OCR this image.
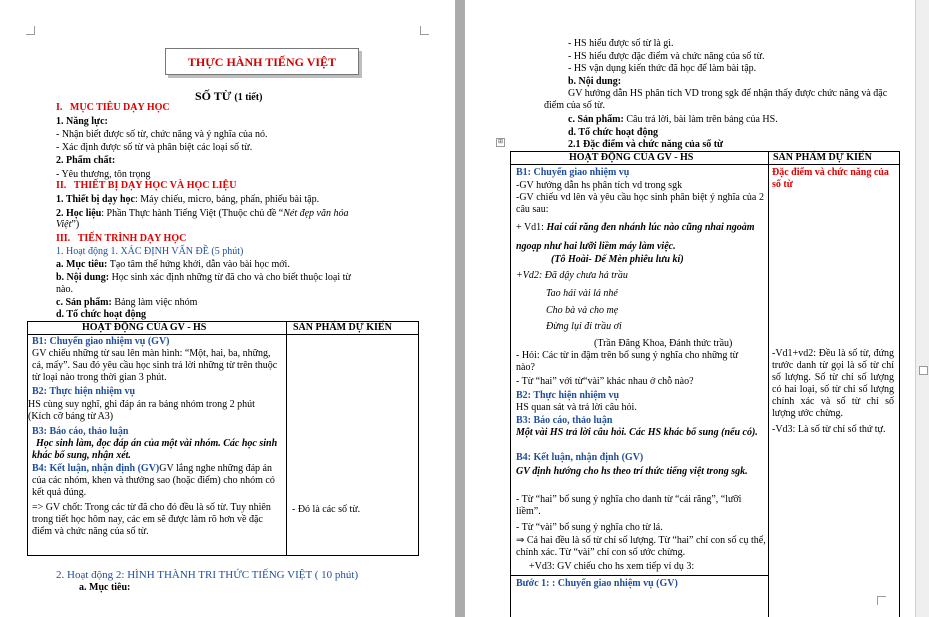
THỰC HÀNH TIẾNG VIỆT
SỐ TỪ (1 tiết)
I. MỤC TIÊU DẠY HỌC
1. Năng lực:
- Nhận biết được số từ, chức năng và ý nghĩa của nó.
- Xác định được số từ và phân biệt các loại số từ.
2. Phẩm chất:
- Yêu thương, tôn trọng
II. THIẾT BỊ DẠY HỌC VÀ HỌC LIỆU
1. Thiết bị dạy học: Máy chiếu, micro, bảng, phấn, phiếu bài tập.
2. Học liệu: Phần Thực hành Tiếng Việt (Thuộc chủ đề “Nét đẹp văn hóa
Việt”)
III. TIẾN TRÌNH DẠY HỌC
1. Hoạt động 1. XÁC ĐỊNH VẤN ĐỀ (5 phút)
a. Mục tiêu: Tạo tâm thế hứng khởi, dẫn vào bài học mới.
b. Nội dung: Học sinh xác định những từ đã cho và cho biết thuộc loại từ
nào.
c. Sản phẩm: Bảng làm việc nhóm
d. Tổ chức hoạt động
HOẠT ĐỘNG CỦA GV - HS	SẢN PHẨM DỰ KIẾN
B1: Chuyển giao nhiệm vụ (GV)
GV chiếu những từ sau lên màn hình: “Một, hai, ba, những, cả, mấy”. Sau đó yêu cầu học sinh trả lời những từ trên thuộc từ loại nào trong thời gian 3 phút.
B2: Thực hiện nhiệm vụ
HS cùng suy nghĩ, ghi đáp án ra bảng nhóm trong 2 phút (Kích cỡ bảng từ A3)
B3: Báo cáo, thảo luận
Học sinh làm, đọc đáp án của một vài nhóm. Các học sinh khác bổ sung, nhận xét.
B4: Kết luận, nhận định (GV)GV lắng nghe những đáp án của các nhóm, khen và thưởng sao (hoặc điểm) cho nhóm có kết quả đúng.
=> GV chốt: Trong các từ đã cho đó đều là số từ. Tuy nhiên trong tiết học hôm nay, các em sẽ được làm rõ hơn về đặc điểm và chức năng của số từ.
- Đó là các số từ.
2. Hoạt động 2: HÌNH THÀNH TRI THỨC TIẾNG VIỆT ( 10 phút)
a. Mục tiêu:
- HS hiểu được số từ là gì.
- HS hiểu được đặc điểm và chức năng của số từ.
- HS vận dụng kiến thức đã học để làm bài tập.
b. Nội dung:
GV hướng dẫn HS phân tích VD trong sgk để nhận thấy được chức năng và đặc điểm của số từ.
c. Sản phẩm: Câu trả lời, bài làm trên bảng của HS.
d. Tổ chức hoạt động
2.1 Đặc điểm và chức năng của số từ
⊞
HOẠT ĐỘNG CỦA GV - HS	SẢN PHẨM DỰ KIẾN
Đặc điểm và chức năng của số từ
B1: Chuyển giao nhiệm vụ
-GV hướng dẫn hs phân tích vd trong sgk
-GV chiếu vd lên và yêu cầu học sinh phân biệt ý nghĩa của 2 câu sau:
+ Vd1: Hai cái răng đen nhánh lúc nào cũng nhai ngoàm ngoạp như hai lưỡi liềm máy làm việc.
(Tô Hoài- Dế Mèn phiêu lưu kí)
+Vd2: Đã dậy chưa hả trầu
Tao hái vài lá nhé
Cho bà và cho mẹ
Đừng lụi đi trầu ơi
(Trần Đăng Khoa, Đánh thức trầu)
- Hỏi: Các từ in đậm trên bổ sung ý nghĩa cho những từ nào?
- Từ “hai” với từ“vài” khác nhau ở chỗ nào?
B2: Thực hiện nhiệm vụ
HS quan sát và trả lời câu hỏi.
B3: Báo cáo, thảo luận
Một vài HS trả lời câu hỏi. Các HS khác bổ sung (nếu có).
B4: Kết luận, nhận định (GV)
GV định hướng cho hs theo trí thức tiếng việt trong sgk.
- Từ “hai” bổ sung ý nghĩa cho danh từ “cái răng”, “lưỡi liềm”.
- Từ “vài” bổ sung ý nghĩa cho từ lá.
⇒ Cả hai đều là số từ chỉ số lượng. Từ “hai” chỉ con số cụ thể, chính xác. Từ “vài” chỉ con số ước chừng.
+Vd3: GV chiếu cho hs xem tiếp ví dụ 3:
Bước 1: : Chuyển giao nhiệm vụ (GV)
-Vd1+vd2: Đều là số từ, đứng trước danh từ gọi là số từ chỉ số lượng. Số từ chỉ số lượng có hai loại, số từ chỉ số lượng chính xác và số từ chỉ số lượng ước chừng.
-Vd3: Là số từ chỉ số thứ tự.
